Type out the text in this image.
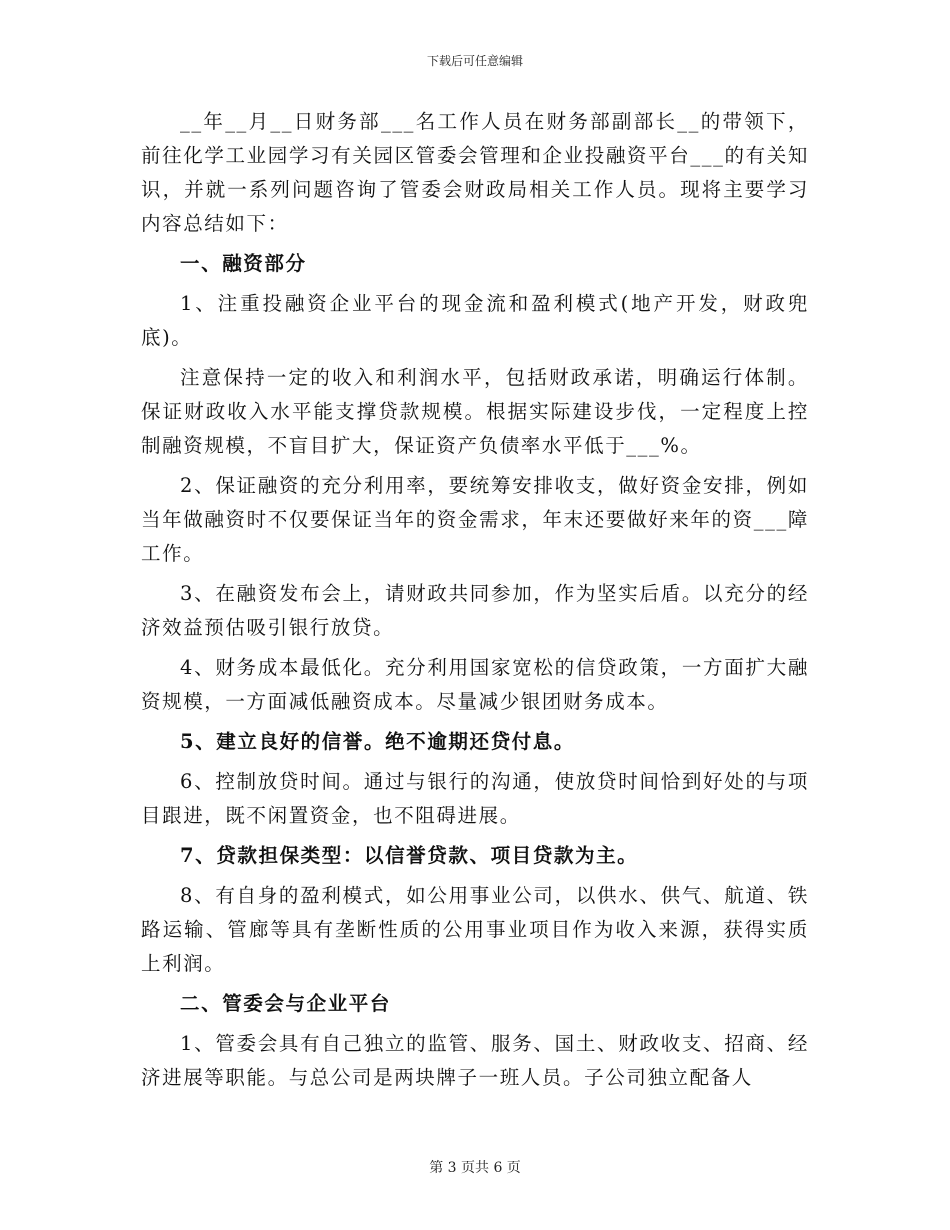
下载后可任意编辑

__年__月__日财务部___名工作人员在财务部副部长__的带领下，前往化学工业园学习有关园区管委会管理和企业投融资平台___的有关知识，并就一系列问题咨询了管委会财政局相关工作人员。现将主要学习内容总结如下：

一、融资部分

1、注重投融资企业平台的现金流和盈利模式(地产开发，财政兜底)。

注意保持一定的收入和利润水平，包括财政承诺，明确运行体制。保证财政收入水平能支撑贷款规模。根据实际建设步伐，一定程度上控制融资规模，不盲目扩大，保证资产负债率水平低于___%。

2、保证融资的充分利用率，要统筹安排收支，做好资金安排，例如当年做融资时不仅要保证当年的资金需求，年末还要做好来年的资___障工作。

3、在融资发布会上，请财政共同参加，作为坚实后盾。以充分的经济效益预估吸引银行放贷。

4、财务成本最低化。充分利用国家宽松的信贷政策，一方面扩大融资规模，一方面减低融资成本。尽量减少银团财务成本。

5、建立良好的信誉。绝不逾期还贷付息。

6、控制放贷时间。通过与银行的沟通，使放贷时间恰到好处的与项目跟进，既不闲置资金，也不阻碍进展。

7、贷款担保类型：以信誉贷款、项目贷款为主。

8、有自身的盈利模式，如公用事业公司，以供水、供气、航道、铁路运输、管廊等具有垄断性质的公用事业项目作为收入来源，获得实质上利润。

二、管委会与企业平台

1、管委会具有自己独立的监管、服务、国土、财政收支、招商、经济进展等职能。与总公司是两块牌子一班人员。子公司独立配备人

第 3 页共 6 页
